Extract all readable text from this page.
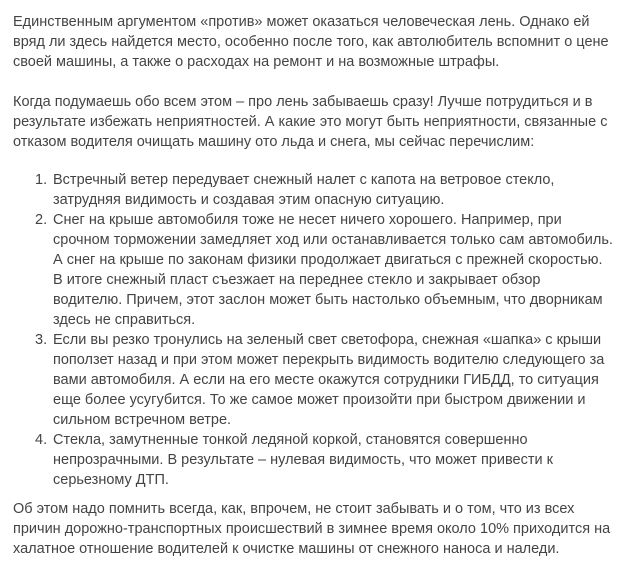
Единственным аргументом «против» может оказаться человеческая лень. Однако ей вряд ли здесь найдется место, особенно после того, как автолюбитель вспомнит о цене своей машины, а также о расходах на ремонт и на возможные штрафы.

Когда подумаешь обо всем этом – про лень забываешь сразу! Лучше потрудиться и в результате избежать неприятностей. А какие это могут быть неприятности, связанные с отказом водителя очищать машину ото льда и снега, мы сейчас перечислим:

1. Встречный ветер передувает снежный налет с капота на ветровое стекло, затрудняя видимость и создавая этим опасную ситуацию.
2. Снег на крыше автомобиля тоже не несет ничего хорошего. Например, при срочном торможении замедляет ход или останавливается только сам автомобиль. А снег на крыше по законам физики продолжает двигаться с прежней скоростью. В итоге снежный пласт съезжает на переднее стекло и закрывает обзор водителю. Причем, этот заслон может быть настолько объемным, что дворникам здесь не справиться.
3. Если вы резко тронулись на зеленый свет светофора, снежная «шапка» с крыши поползет назад и при этом может перекрыть видимость водителю следующего за вами автомобиля. А если на его месте окажутся сотрудники ГИБДД, то ситуация еще более усугубится. То же самое может произойти при быстром движении и сильном встречном ветре.
4. Стекла, замутненные тонкой ледяной коркой, становятся совершенно непрозрачными. В результате – нулевая видимость, что может привести к серьезному ДТП.

Об этом надо помнить всегда, как, впрочем, не стоит забывать и о том, что из всех причин дорожно-транспортных происшествий в зимнее время около 10% приходится на халатное отношение водителей к очистке машины от снежного наноса и наледи.
